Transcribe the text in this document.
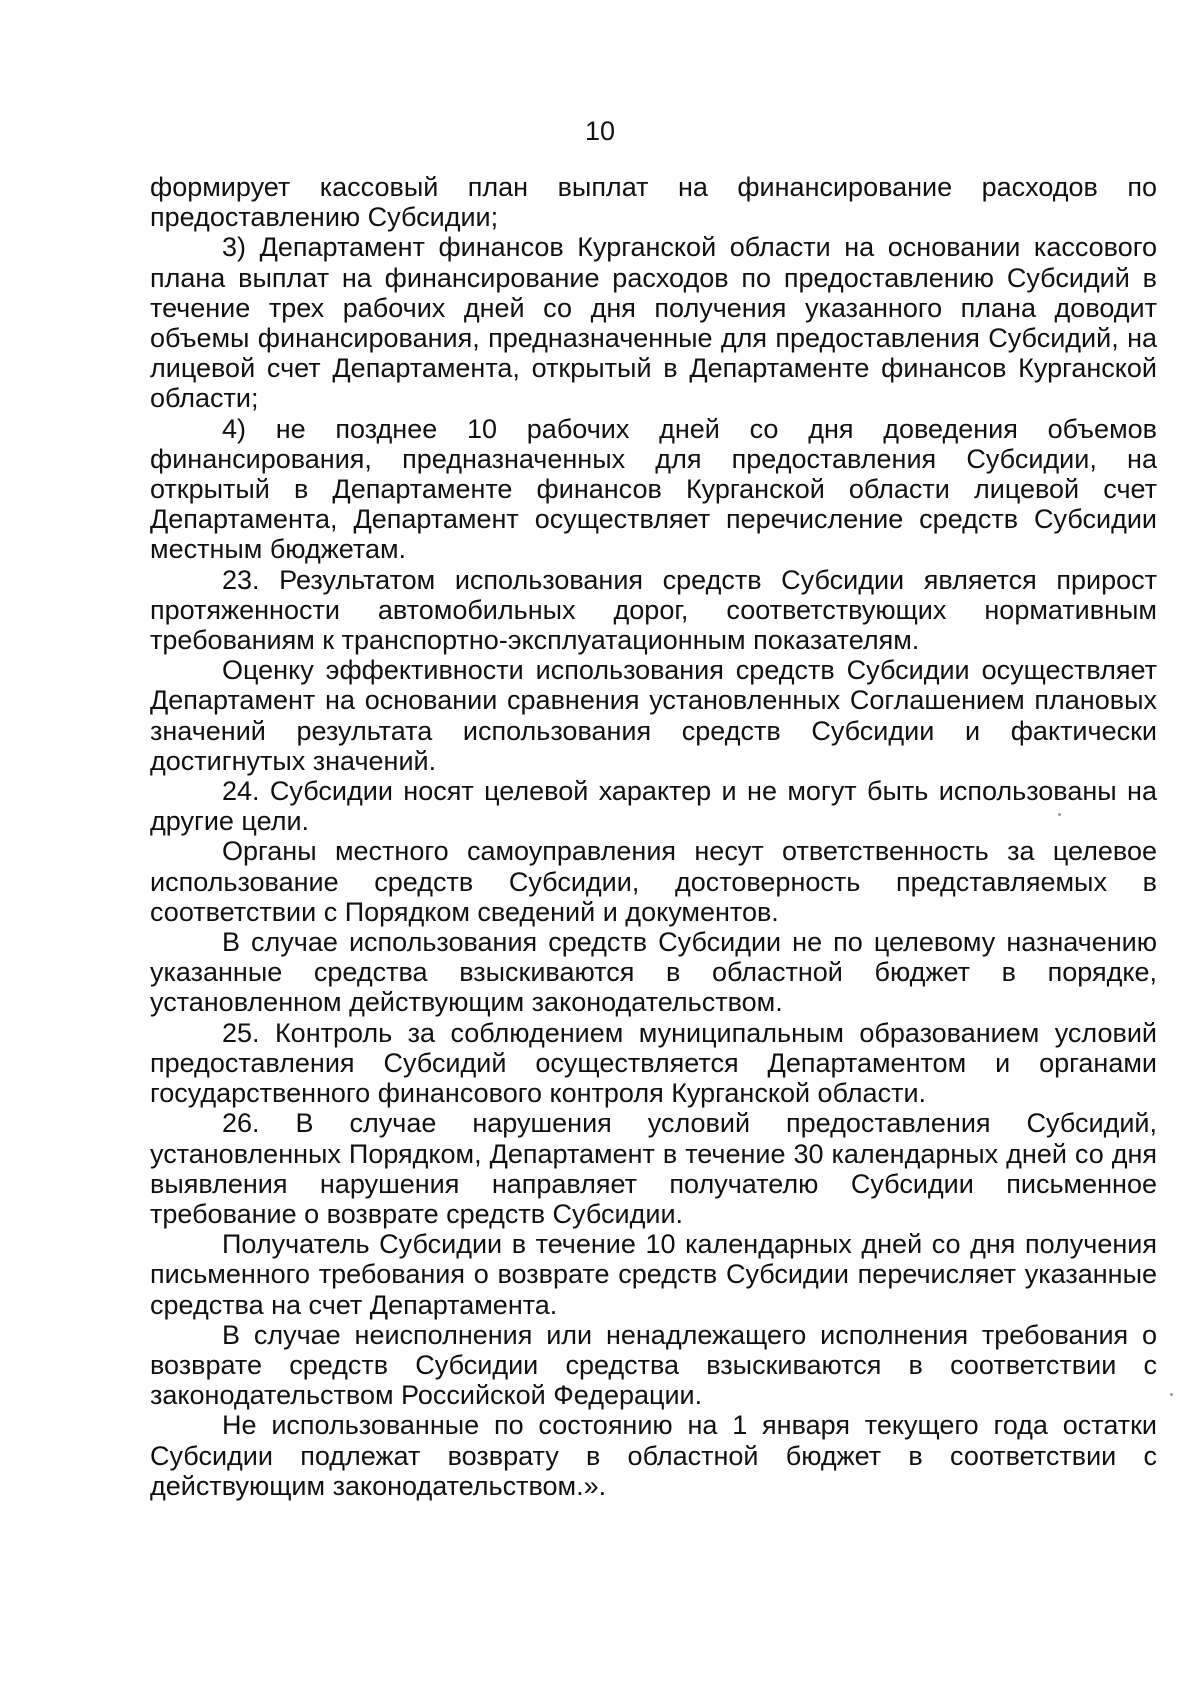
10

формирует кассовый план выплат на финансирование расходов по предоставлению Субсидии;

3) Департамент финансов Курганской области на основании кассового плана выплат на финансирование расходов по предоставлению Субсидий в течение трех рабочих дней со дня получения указанного плана доводит объемы финансирования, предназначенные для предоставления Субсидий, на лицевой счет Департамента, открытый в Департаменте финансов Курганской области;

4) не позднее 10 рабочих дней со дня доведения объемов финансирования, предназначенных для предоставления Субсидии, на открытый в Департаменте финансов Курганской области лицевой счет Департамента, Департамент осуществляет перечисление средств Субсидии местным бюджетам.

23. Результатом использования средств Субсидии является прирост протяженности автомобильных дорог, соответствующих нормативным требованиям к транспортно-эксплуатационным показателям.

Оценку эффективности использования средств Субсидии осуществляет Департамент на основании сравнения установленных Соглашением плановых значений результата использования средств Субсидии и фактически достигнутых значений.

24. Субсидии носят целевой характер и не могут быть использованы на другие цели.

Органы местного самоуправления несут ответственность за целевое использование средств Субсидии, достоверность представляемых в соответствии с Порядком сведений и документов.

В случае использования средств Субсидии не по целевому назначению указанные средства взыскиваются в областной бюджет в порядке, установленном действующим законодательством.

25. Контроль за соблюдением муниципальным образованием условий предоставления Субсидий осуществляется Департаментом и органами государственного финансового контроля Курганской области.

26. В случае нарушения условий предоставления Субсидий, установленных Порядком, Департамент в течение 30 календарных дней со дня выявления нарушения направляет получателю Субсидии письменное требование о возврате средств Субсидии.

Получатель Субсидии в течение 10 календарных дней со дня получения письменного требования о возврате средств Субсидии перечисляет указанные средства на счет Департамента.

В случае неисполнения или ненадлежащего исполнения требования о возврате средств Субсидии средства взыскиваются в соответствии с законодательством Российской Федерации.

Не использованные по состоянию на 1 января текущего года остатки Субсидии подлежат возврату в областной бюджет в соответствии с действующим законодательством.».
